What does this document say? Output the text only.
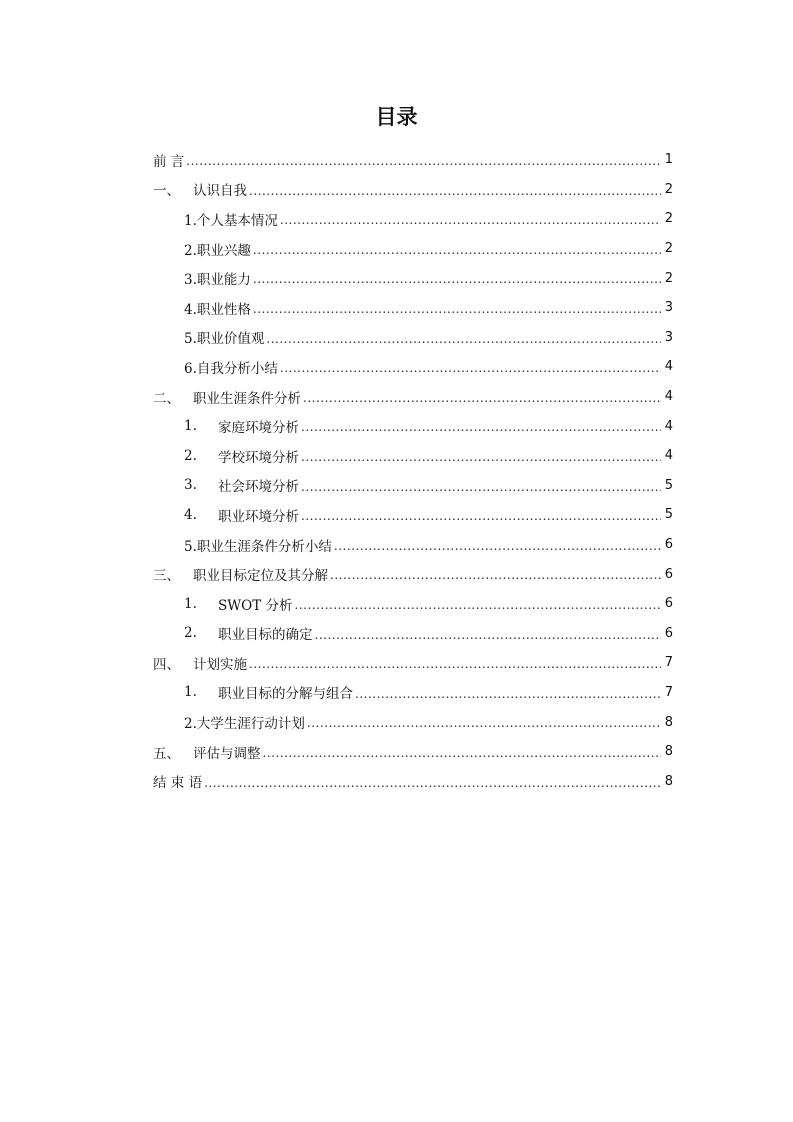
目录
前 言 .....	1
一、 认识自我 .....	2
1.个人基本情况 .....	2
2.职业兴趣 .....	2
3.职业能力 .....	2
4.职业性格 .....	3
5.职业价值观 .....	3
6.自我分析小结 .....	4
二、 职业生涯条件分析 .....	4
1.	家庭环境分析 .....	4
2.	学校环境分析 .....	4
3.	社会环境分析 .....	5
4.	职业环境分析 .....	5
5.职业生涯条件分析小结 .....	6
三、 职业目标定位及其分解 .....	6
1.	SWOT 分析 .....	6
2.	职业目标的确定 .....	6
四、 计划实施 .....	7
1.	职业目标的分解与组合 .....	7
2.大学生涯行动计划 .....	8
五、 评估与调整 .....	8
结 束 语 .....	8
